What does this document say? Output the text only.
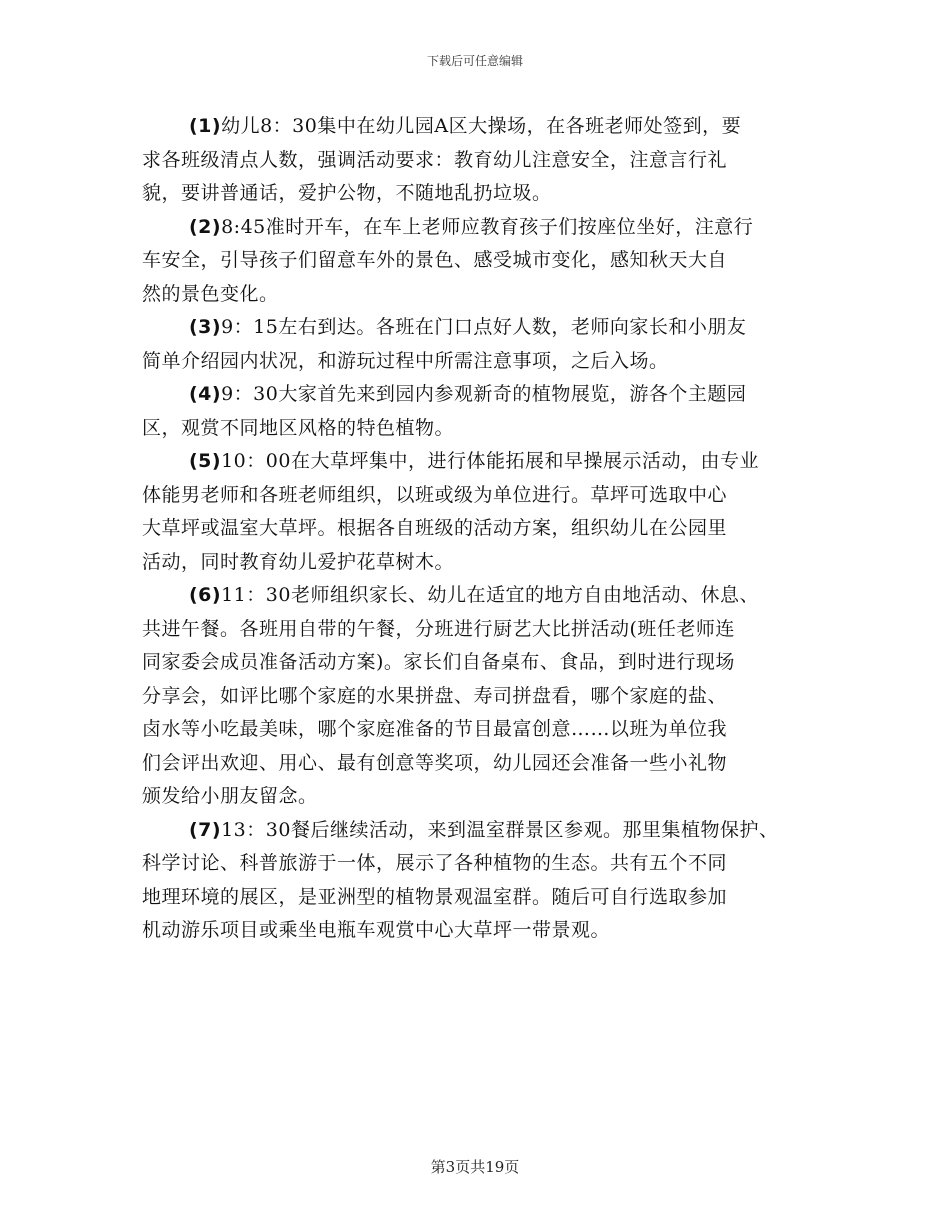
下载后可任意编辑

(1)幼儿8：30集中在幼儿园A区大操场，在各班老师处签到，要
求各班级清点人数，强调活动要求：教育幼儿注意安全，注意言行礼
貌，要讲普通话，爱护公物，不随地乱扔垃圾。

(2)8:45准时开车，在车上老师应教育孩子们按座位坐好，注意行
车安全，引导孩子们留意车外的景色、感受城市变化，感知秋天大自
然的景色变化。

(3)9：15左右到达。各班在门口点好人数，老师向家长和小朋友
简单介绍园内状况，和游玩过程中所需注意事项，之后入场。

(4)9：30大家首先来到园内参观新奇的植物展览，游各个主题园
区，观赏不同地区风格的特色植物。

(5)10：00在大草坪集中，进行体能拓展和早操展示活动，由专业
体能男老师和各班老师组织，以班或级为单位进行。草坪可选取中心
大草坪或温室大草坪。根据各自班级的活动方案，组织幼儿在公园里
活动，同时教育幼儿爱护花草树木。

(6)11：30老师组织家长、幼儿在适宜的地方自由地活动、休息、
共进午餐。各班用自带的午餐，分班进行厨艺大比拼活动(班任老师连
同家委会成员准备活动方案)。家长们自备桌布、食品，到时进行现场
分享会，如评比哪个家庭的水果拼盘、寿司拼盘看，哪个家庭的盐、
卤水等小吃最美味，哪个家庭准备的节目最富创意……以班为单位我
们会评出欢迎、用心、最有创意等奖项，幼儿园还会准备一些小礼物
颁发给小朋友留念。

(7)13：30餐后继续活动，来到温室群景区参观。那里集植物保护、
科学讨论、科普旅游于一体，展示了各种植物的生态。共有五个不同
地理环境的展区，是亚洲型的植物景观温室群。随后可自行选取参加
机动游乐项目或乘坐电瓶车观赏中心大草坪一带景观。

第3页共19页
